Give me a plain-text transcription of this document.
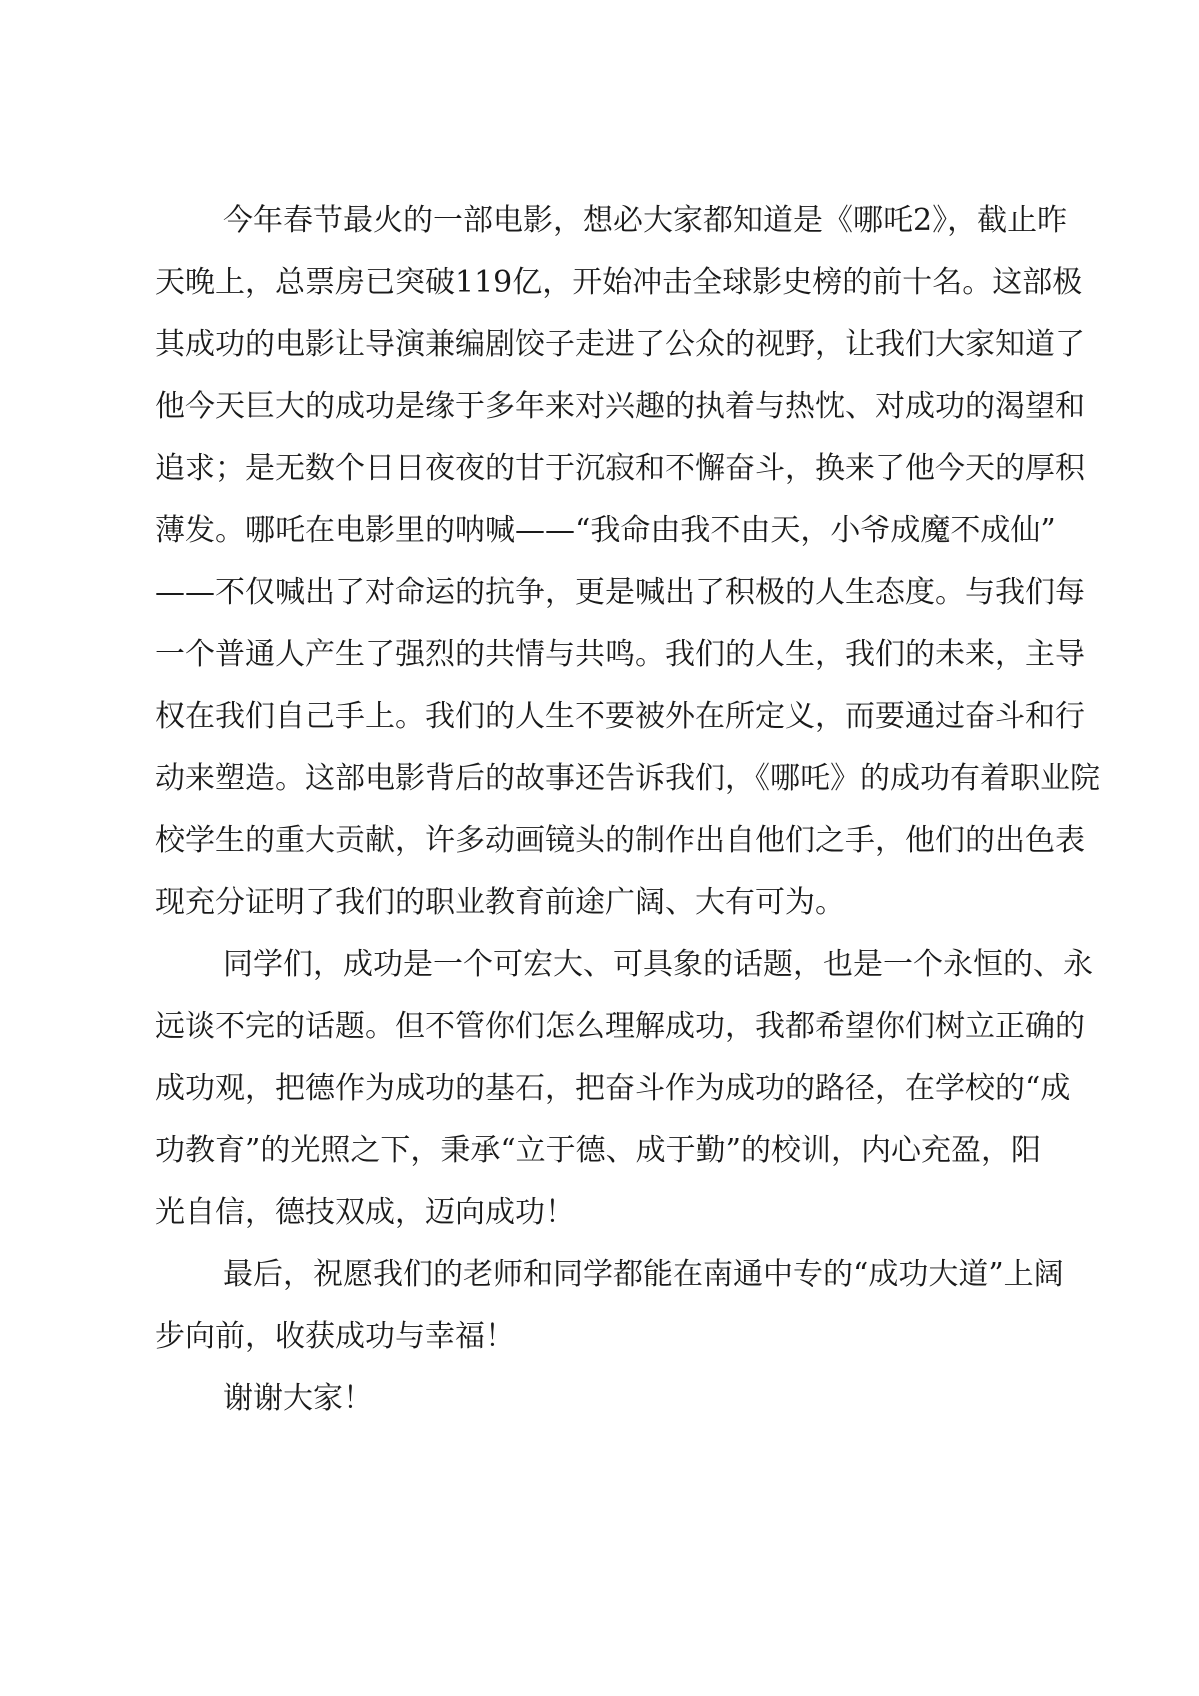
今年春节最火的一部电影，想必大家都知道是《哪吒2》，截止昨
天晚上，总票房已突破119亿，开始冲击全球影史榜的前十名。这部极
其成功的电影让导演兼编剧饺子走进了公众的视野，让我们大家知道了
他今天巨大的成功是缘于多年来对兴趣的执着与热忱、对成功的渴望和
追求；是无数个日日夜夜的甘于沉寂和不懈奋斗，换来了他今天的厚积
薄发。哪吒在电影里的呐喊——“我命由我不由天，小爷成魔不成仙”
——不仅喊出了对命运的抗争，更是喊出了积极的人生态度。与我们每
一个普通人产生了强烈的共情与共鸣。我们的人生，我们的未来，主导
权在我们自己手上。我们的人生不要被外在所定义，而要通过奋斗和行
动来塑造。这部电影背后的故事还告诉我们，《哪吒》的成功有着职业院
校学生的重大贡献，许多动画镜头的制作出自他们之手，他们的出色表
现充分证明了我们的职业教育前途广阔、大有可为。
同学们，成功是一个可宏大、可具象的话题，也是一个永恒的、永
远谈不完的话题。但不管你们怎么理解成功，我都希望你们树立正确的
成功观，把德作为成功的基石，把奋斗作为成功的路径，在学校的“成
功教育”的光照之下，秉承“立于德、成于勤”的校训，内心充盈，阳
光自信，德技双成，迈向成功！
最后，祝愿我们的老师和同学都能在南通中专的“成功大道”上阔
步向前，收获成功与幸福！
谢谢大家！
